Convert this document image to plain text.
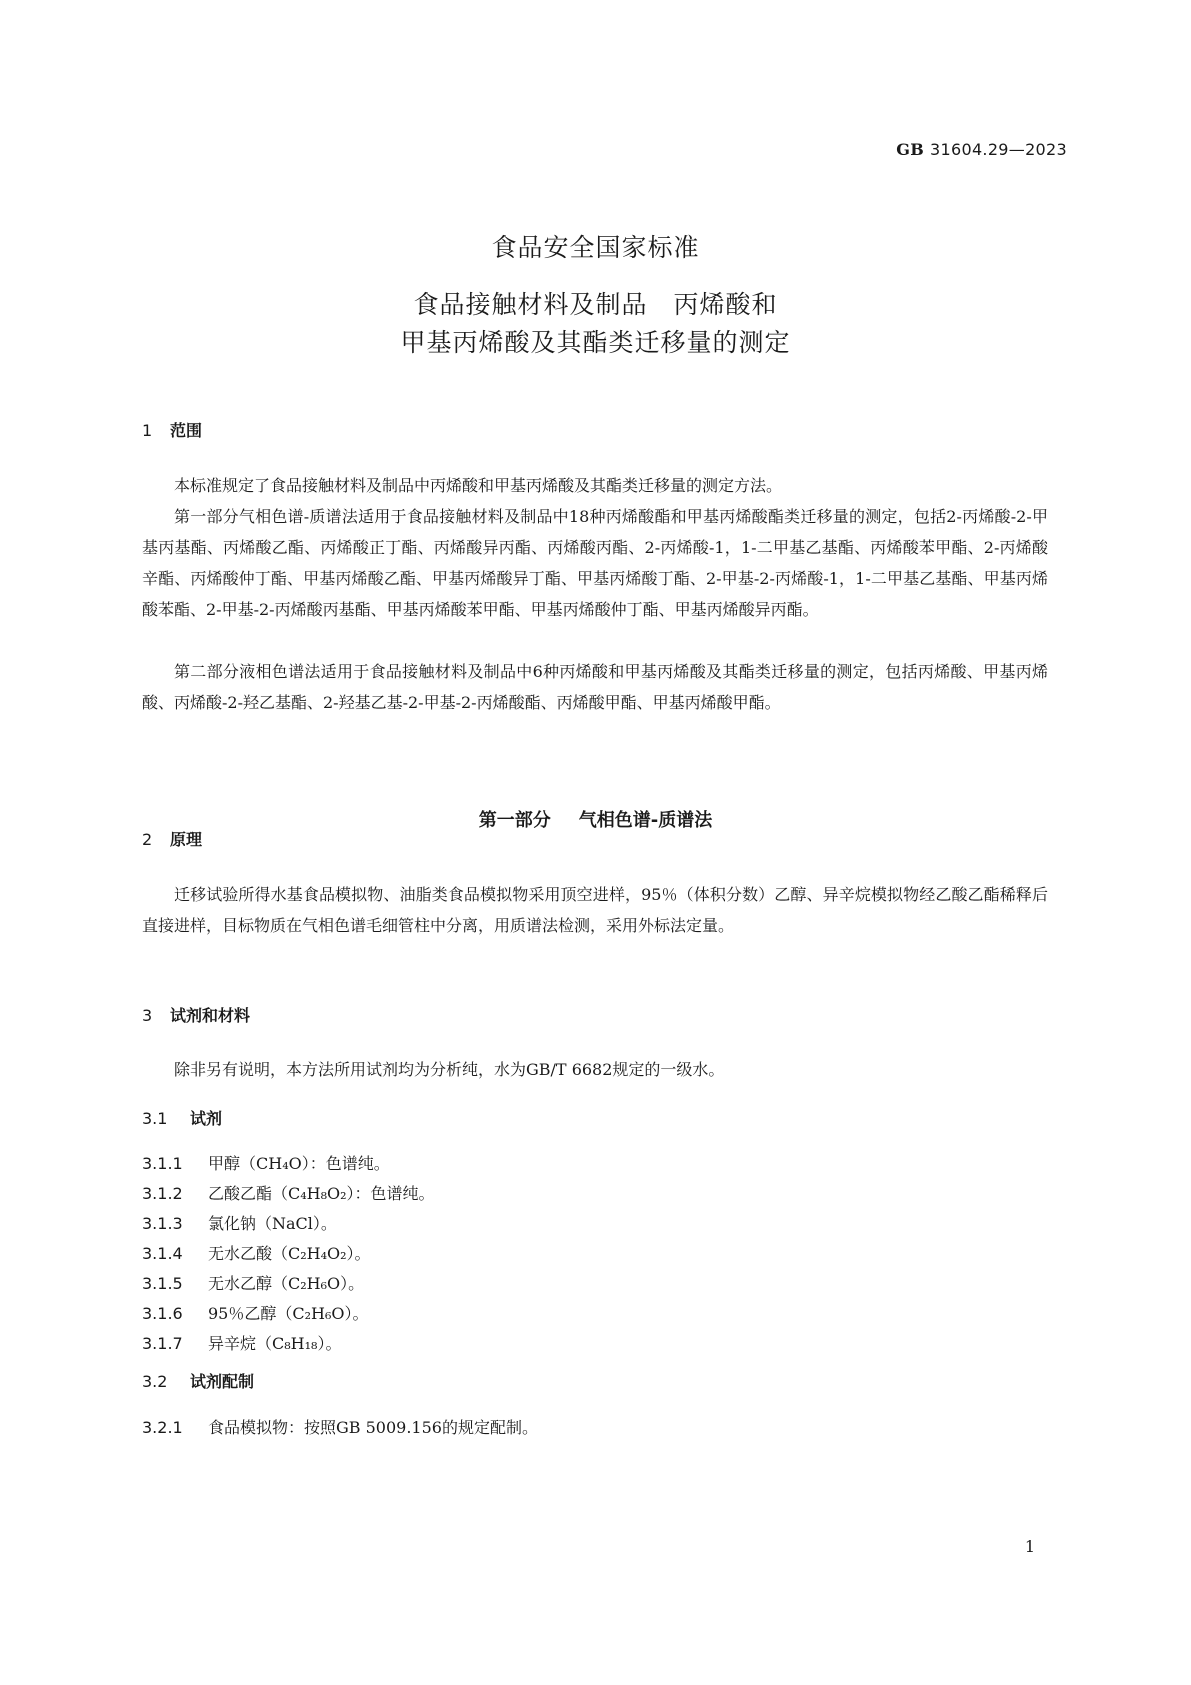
GB 31604.29—2023
食品安全国家标准
食品接触材料及制品　丙烯酸和
甲基丙烯酸及其酯类迁移量的测定
1 范围

本标准规定了食品接触材料及制品中丙烯酸和甲基丙烯酸及其酯类迁移量的测定方法。

第一部分气相色谱-质谱法适用于食品接触材料及制品中18种丙烯酸酯和甲基丙烯酸酯类迁移量的测定，包括2-丙烯酸-2-甲基丙基酯、丙烯酸乙酯、丙烯酸正丁酯、丙烯酸异丙酯、丙烯酸丙酯、2-丙烯酸-1，1-二甲基乙基酯、丙烯酸苯甲酯、2-丙烯酸辛酯、丙烯酸仲丁酯、甲基丙烯酸乙酯、甲基丙烯酸异丁酯、甲基丙烯酸丁酯、2-甲基-2-丙烯酸-1，1-二甲基乙基酯、甲基丙烯酸苯酯、2-甲基-2-丙烯酸丙基酯、甲基丙烯酸苯甲酯、甲基丙烯酸仲丁酯、甲基丙烯酸异丙酯。

第二部分液相色谱法适用于食品接触材料及制品中6种丙烯酸和甲基丙烯酸及其酯类迁移量的测定，包括丙烯酸、甲基丙烯酸、丙烯酸-2-羟乙基酯、2-羟基乙基-2-甲基-2-丙烯酸酯、丙烯酸甲酯、甲基丙烯酸甲酯。

第一部分 气相色谱-质谱法
2 原理

迁移试验所得水基食品模拟物、油脂类食品模拟物采用顶空进样，95％（体积分数）乙醇、异辛烷模拟物经乙酸乙酯稀释后直接进样，目标物质在气相色谱毛细管柱中分离，用质谱法检测，采用外标法定量。

3 试剂和材料

除非另有说明，本方法所用试剂均为分析纯，水为GB/T 6682规定的一级水。

3.1 试剂
3.1.1 甲醇（CH₄O）：色谱纯。
3.1.2 乙酸乙酯（C₄H₈O₂）：色谱纯。
3.1.3 氯化钠（NaCl）。
3.1.4 无水乙酸（C₂H₄O₂）。
3.1.5 无水乙醇（C₂H₆O）。
3.1.6 95％乙醇（C₂H₆O）。
3.1.7 异辛烷（C₈H₁₈）。
3.2 试剂配制
3.2.1 食品模拟物：按照GB 5009.156的规定配制。
1
